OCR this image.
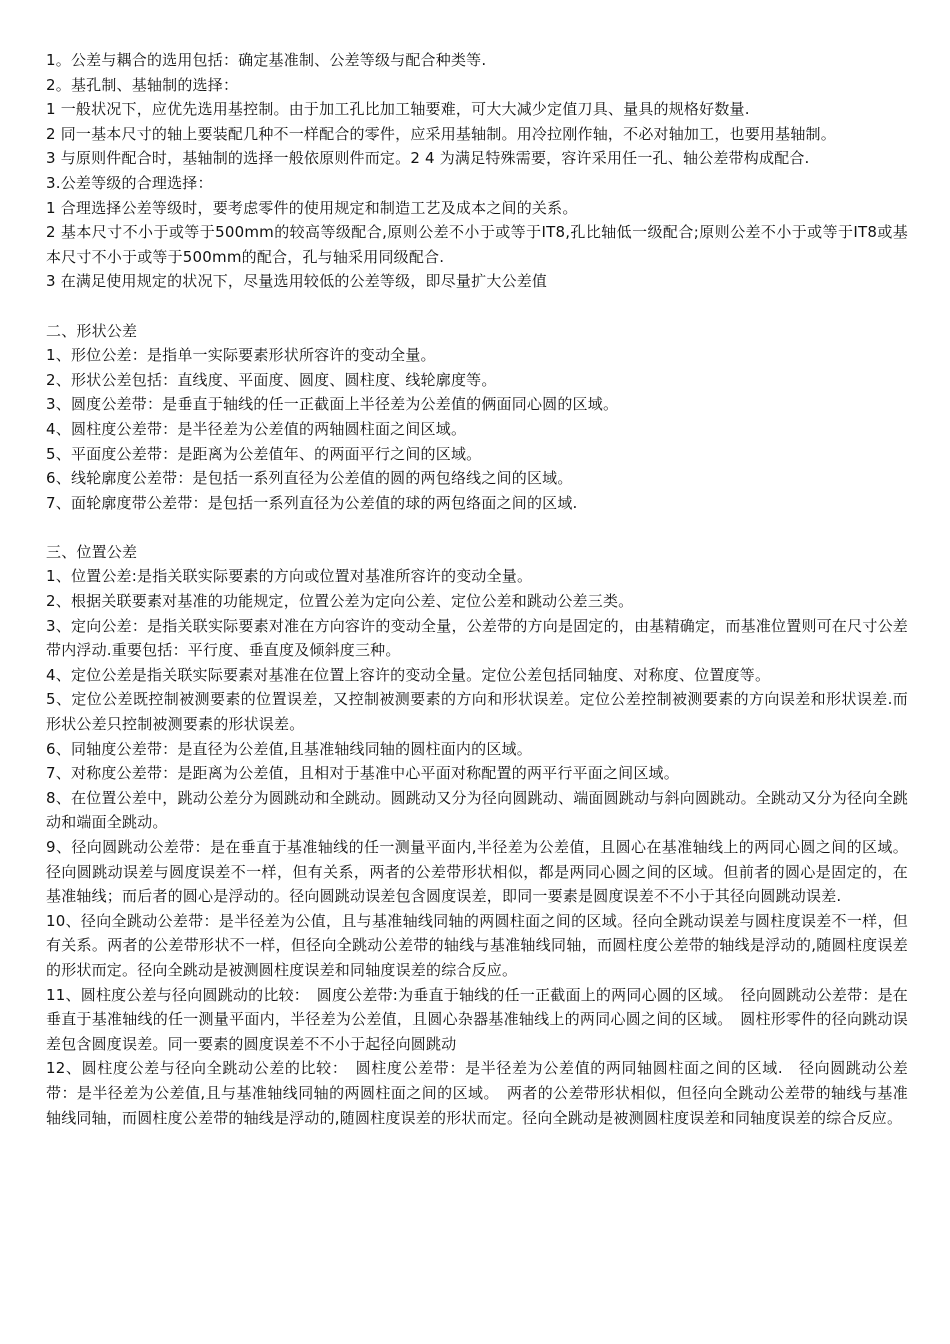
1。公差与耦合的选用包括：确定基准制、公差等级与配合种类等.

2。基孔制、基轴制的选择：

1 一般状况下，应优先选用基控制。由于加工孔比加工轴要难，可大大减少定值刀具、量具的规格好数量.

2 同一基本尺寸的轴上要装配几种不一样配合的零件，应采用基轴制。用冷拉刚作轴，不必对轴加工，也要用基轴制。

3 与原则件配合时，基轴制的选择一般依原则件而定。2 4 为满足特殊需要，容许采用任一孔、轴公差带构成配合.

3.公差等级的合理选择：

1 合理选择公差等级时，要考虑零件的使用规定和制造工艺及成本之间的关系。

2 基本尺寸不小于或等于500mm的较高等级配合,原则公差不小于或等于IT8,孔比轴低一级配合;原则公差不小于或等于IT8或基本尺寸不小于或等于500mm的配合，孔与轴采用同级配合.

3 在满足使用规定的状况下，尽量选用较低的公差等级，即尽量扩大公差值

二、形状公差

1、形位公差：是指单一实际要素形状所容许的变动全量。

2、形状公差包括：直线度、平面度、圆度、圆柱度、线轮廓度等。

3、圆度公差带：是垂直于轴线的任一正截面上半径差为公差值的俩面同心圆的区域。

4、圆柱度公差带：是半径差为公差值的两轴圆柱面之间区域。

5、平面度公差带：是距离为公差值年、的两面平行之间的区域。

6、线轮廓度公差带：是包括一系列直径为公差值的圆的两包络线之间的区域。

7、面轮廓度带公差带：是包括一系列直径为公差值的球的两包络面之间的区域.

三、位置公差

1、位置公差:是指关联实际要素的方向或位置对基准所容许的变动全量。

2、根据关联要素对基准的功能规定，位置公差为定向公差、定位公差和跳动公差三类。

3、定向公差：是指关联实际要素对准在方向容许的变动全量，公差带的方向是固定的，由基精确定，而基准位置则可在尺寸公差带内浮动.重要包括：平行度、垂直度及倾斜度三种。

4、定位公差是指关联实际要素对基准在位置上容许的变动全量。定位公差包括同轴度、对称度、位置度等。

5、定位公差既控制被测要素的位置误差，又控制被测要素的方向和形状误差。定位公差控制被测要素的方向误差和形状误差.而形状公差只控制被测要素的形状误差。

6、同轴度公差带：是直径为公差值,且基准轴线同轴的圆柱面内的区域。

7、对称度公差带：是距离为公差值，且相对于基准中心平面对称配置的两平行平面之间区域。

8、在位置公差中，跳动公差分为圆跳动和全跳动。圆跳动又分为径向圆跳动、端面圆跳动与斜向圆跳动。全跳动又分为径向全跳动和端面全跳动。

9、径向圆跳动公差带：是在垂直于基准轴线的任一测量平面内,半径差为公差值，且圆心在基准轴线上的两同心圆之间的区域。径向圆跳动误差与圆度误差不一样，但有关系，两者的公差带形状相似，都是两同心圆之间的区域。但前者的圆心是固定的，在基准轴线；而后者的圆心是浮动的。径向圆跳动误差包含圆度误差，即同一要素是圆度误差不不小于其径向圆跳动误差.

10、径向全跳动公差带：是半径差为公值，且与基准轴线同轴的两圆柱面之间的区域。径向全跳动误差与圆柱度误差不一样，但有关系。两者的公差带形状不一样，但径向全跳动公差带的轴线与基准轴线同轴，而圆柱度公差带的轴线是浮动的,随圆柱度误差的形状而定。径向全跳动是被测圆柱度误差和同轴度误差的综合反应。

11、圆柱度公差与径向圆跳动的比较：　圆度公差带:为垂直于轴线的任一正截面上的两同心圆的区域。　径向圆跳动公差带：是在垂直于基准轴线的任一测量平面内，半径差为公差值，且圆心杂器基准轴线上的两同心圆之间的区域。　圆柱形零件的径向跳动误差包含圆度误差。同一要素的圆度误差不不小于起径向圆跳动

12、圆柱度公差与径向全跳动公差的比较：　圆柱度公差带：是半径差为公差值的两同轴圆柱面之间的区域.　径向圆跳动公差带：是半径差为公差值,且与基准轴线同轴的两圆柱面之间的区域。　两者的公差带形状相似，但径向全跳动公差带的轴线与基准轴线同轴，而圆柱度公差带的轴线是浮动的,随圆柱度误差的形状而定。径向全跳动是被测圆柱度误差和同轴度误差的综合反应。
